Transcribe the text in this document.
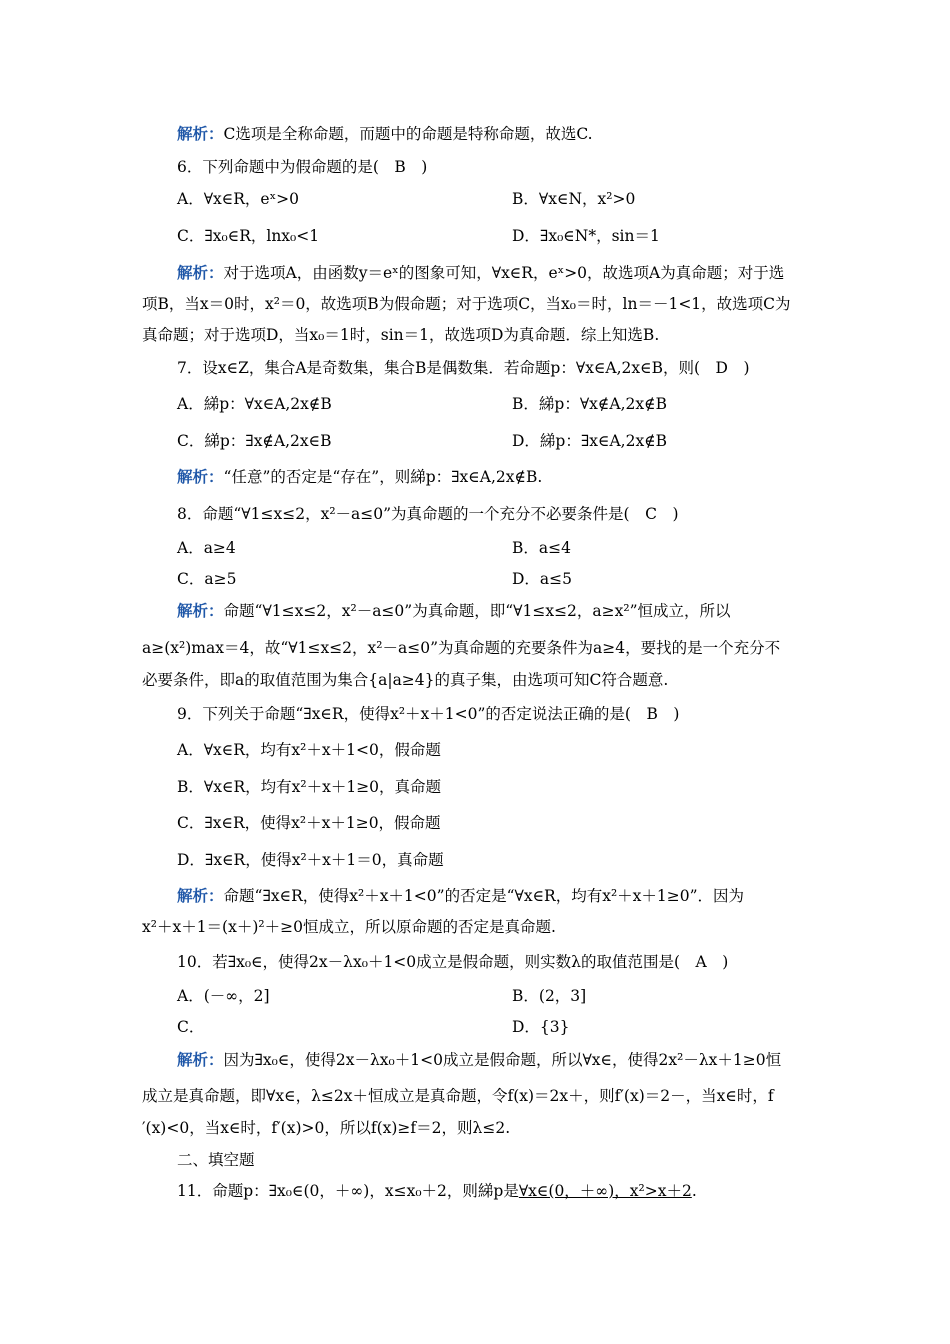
解析：C选项是全称命题，而题中的命题是特称命题，故选C.
6．下列命题中为假命题的是(　B　)
A．∀x∈R，eˣ>0	B．∀x∈N，x²>0
C．∃x₀∈R，lnx₀<1	D．∃x₀∈N*，sin＝1
解析：对于选项A，由函数y＝eˣ的图象可知，∀x∈R，eˣ>0，故选项A为真命题；对于选
项B，当x＝0时，x²＝0，故选项B为假命题；对于选项C，当x₀＝时，ln＝－1<1，故选项C为
真命题；对于选项D，当x₀＝1时，sin＝1，故选项D为真命题．综上知选B.
7．设x∈Z，集合A是奇数集，集合B是偶数集．若命题p：∀x∈A,2x∈B，则(　D　)
A．綈p：∀x∈A,2x∉B	B．綈p：∀x∉A,2x∉B
C．綈p：∃x∉A,2x∈B	D．綈p：∃x∈A,2x∉B
解析：“任意”的否定是“存在”，则綈p：∃x∈A,2x∉B.
8．命题“∀1≤x≤2，x²－a≤0”为真命题的一个充分不必要条件是(　C　)
A．a≥4	B．a≤4
C．a≥5	D．a≤5
解析：命题“∀1≤x≤2，x²－a≤0”为真命题，即“∀1≤x≤2，a≥x²”恒成立，所以
a≥(x²)max＝4，故“∀1≤x≤2，x²－a≤0”为真命题的充要条件为a≥4，要找的是一个充分不
必要条件，即a的取值范围为集合{a|a≥4}的真子集，由选项可知C符合题意.
9．下列关于命题“∃x∈R，使得x²＋x＋1<0”的否定说法正确的是(　B　)
A．∀x∈R，均有x²＋x＋1<0，假命题
B．∀x∈R，均有x²＋x＋1≥0，真命题
C．∃x∈R，使得x²＋x＋1≥0，假命题
D．∃x∈R，使得x²＋x＋1＝0，真命题
解析：命题“∃x∈R，使得x²＋x＋1<0”的否定是“∀x∈R，均有x²＋x＋1≥0”．因为
x²＋x＋1＝(x＋)²＋≥0恒成立，所以原命题的否定是真命题.
10．若∃x₀∈，使得2x－λx₀＋1<0成立是假命题，则实数λ的取值范围是(　A　)
A．(－∞，2]	B．(2，3]
C．	D．{3}
解析：因为∃x₀∈，使得2x－λx₀＋1<0成立是假命题，所以∀x∈，使得2x²－λx＋1≥0恒
成立是真命题，即∀x∈，λ≤2x＋恒成立是真命题，令f(x)＝2x＋，则f′(x)＝2－，当x∈时，f
′(x)<0，当x∈时，f′(x)>0，所以f(x)≥f＝2，则λ≤2.
二、填空题
11．命题p：∃x₀∈(0，＋∞)，x≤x₀＋2，则綈p是∀x∈(0，＋∞)，x²>x＋2.
